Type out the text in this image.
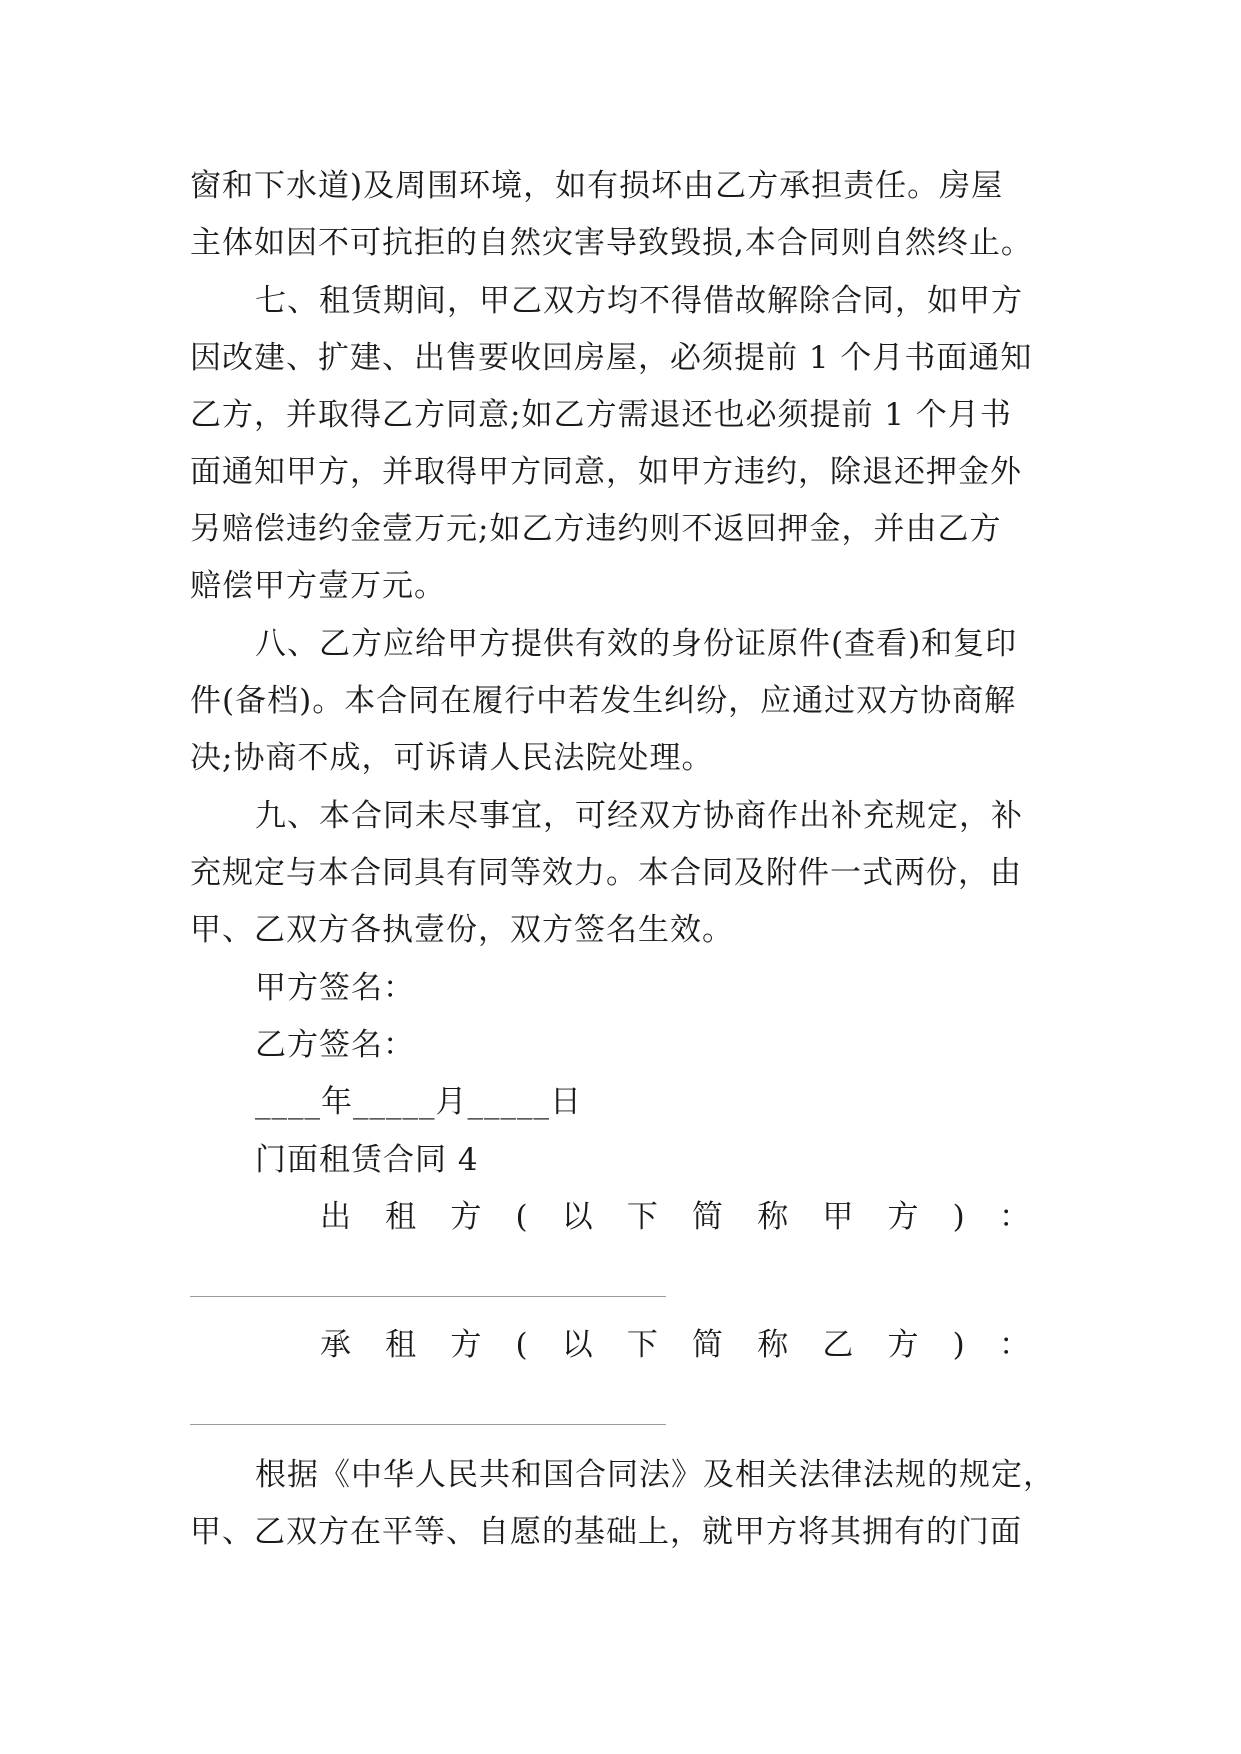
窗和下水道)及周围环境，如有损坏由乙方承担责任。房屋
主体如因不可抗拒的自然灾害导致毁损,本合同则自然终止。
七、租赁期间，甲乙双方均不得借故解除合同，如甲方
因改建、扩建、出售要收回房屋，必须提前 1 个月书面通知
乙方，并取得乙方同意;如乙方需退还也必须提前 1 个月书
面通知甲方，并取得甲方同意，如甲方违约，除退还押金外
另赔偿违约金壹万元;如乙方违约则不返回押金，并由乙方
赔偿甲方壹万元。
八、乙方应给甲方提供有效的身份证原件(查看)和复印
件(备档)。本合同在履行中若发生纠纷，应通过双方协商解
决;协商不成，可诉请人民法院处理。
九、本合同未尽事宜，可经双方协商作出补充规定，补
充规定与本合同具有同等效力。本合同及附件一式两份，由
甲、乙双方各执壹份，双方签名生效。
甲方签名：
乙方签名：
____年_____月_____日
门面租赁合同 4
出 租 方 ( 以 下 简 称 甲 方 ) ：
承 租 方 ( 以 下 简 称 乙 方 ) ：
根据《中华人民共和国合同法》及相关法律法规的规定，
甲、乙双方在平等、自愿的基础上，就甲方将其拥有的门面
